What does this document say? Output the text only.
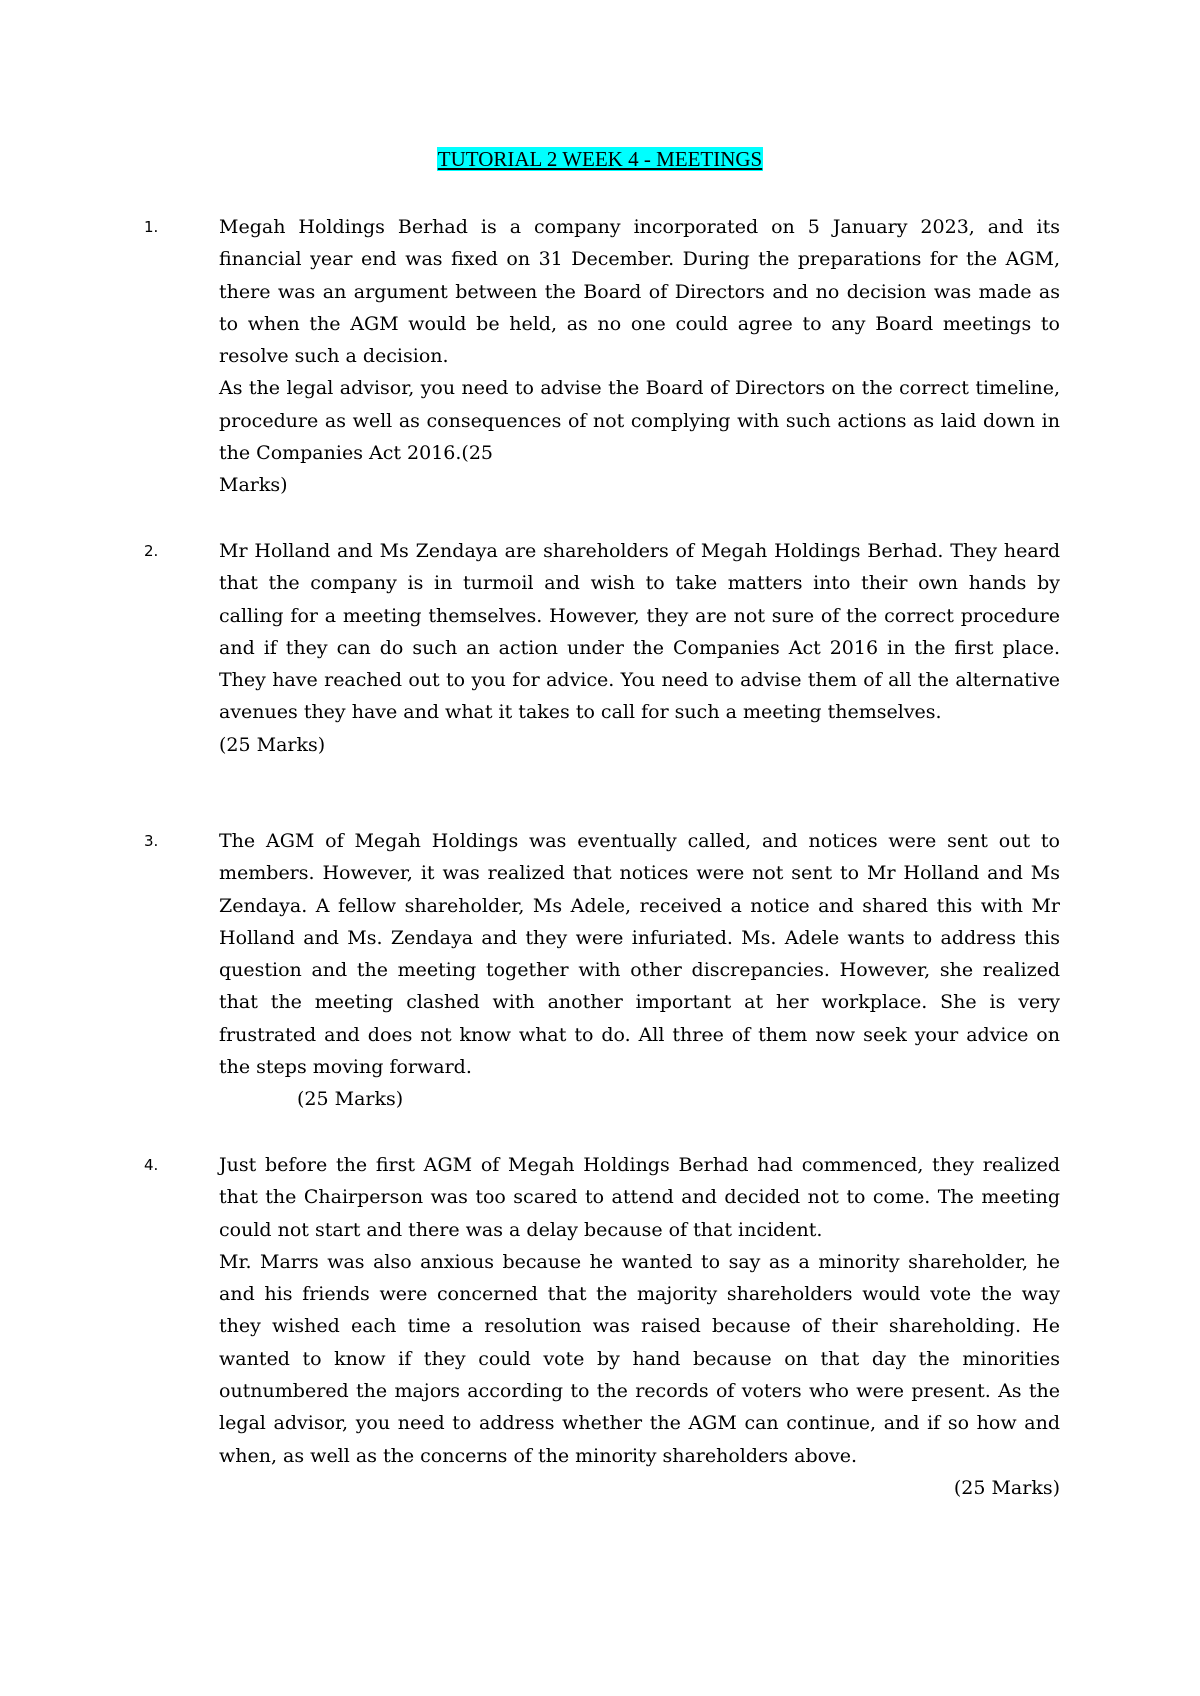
TUTORIAL 2 WEEK 4 - MEETINGS
1.	Megah Holdings Berhad is a company incorporated on 5 January 2023, and its financial year end was fixed on 31 December. During the preparations for the AGM, there was an argument between the Board of Directors and no decision was made as to when the AGM would be held, as no one could agree to any Board meetings to resolve such a decision.

As the legal advisor, you need to advise the Board of Directors on the correct timeline, procedure as well as consequences of not complying with such actions as laid down in the Companies Act 2016.(25

Marks)

2.	Mr Holland and Ms Zendaya are shareholders of Megah Holdings Berhad. They heard that the company is in turmoil and wish to take matters into their own hands by calling for a meeting themselves. However, they are not sure of the correct procedure and if they can do such an action under the Companies Act 2016 in the first place. They have reached out to you for advice. You need to advise them of all the alternative avenues they have and what it takes to call for such a meeting themselves.

(25 Marks)

3.	The AGM of Megah Holdings was eventually called, and notices were sent out to members. However, it was realized that notices were not sent to Mr Holland and Ms Zendaya. A fellow shareholder, Ms Adele, received a notice and shared this with Mr Holland and Ms. Zendaya and they were infuriated. Ms. Adele wants to address this question and the meeting together with other discrepancies. However, she realized that the meeting clashed with another important at her workplace. She is very frustrated and does not know what to do. All three of them now seek your advice on the steps moving forward.

(25 Marks)

4.	Just before the first AGM of Megah Holdings Berhad had commenced, they realized that the Chairperson was too scared to attend and decided not to come. The meeting could not start and there was a delay because of that incident.

Mr. Marrs was also anxious because he wanted to say as a minority shareholder, he and his friends were concerned that the majority shareholders would vote the way they wished each time a resolution was raised because of their shareholding. He wanted to know if they could vote by hand because on that day the minorities outnumbered the majors according to the records of voters who were present. As the legal advisor, you need to address whether the AGM can continue, and if so how and when, as well as the concerns of the minority shareholders above.

(25 Marks)
